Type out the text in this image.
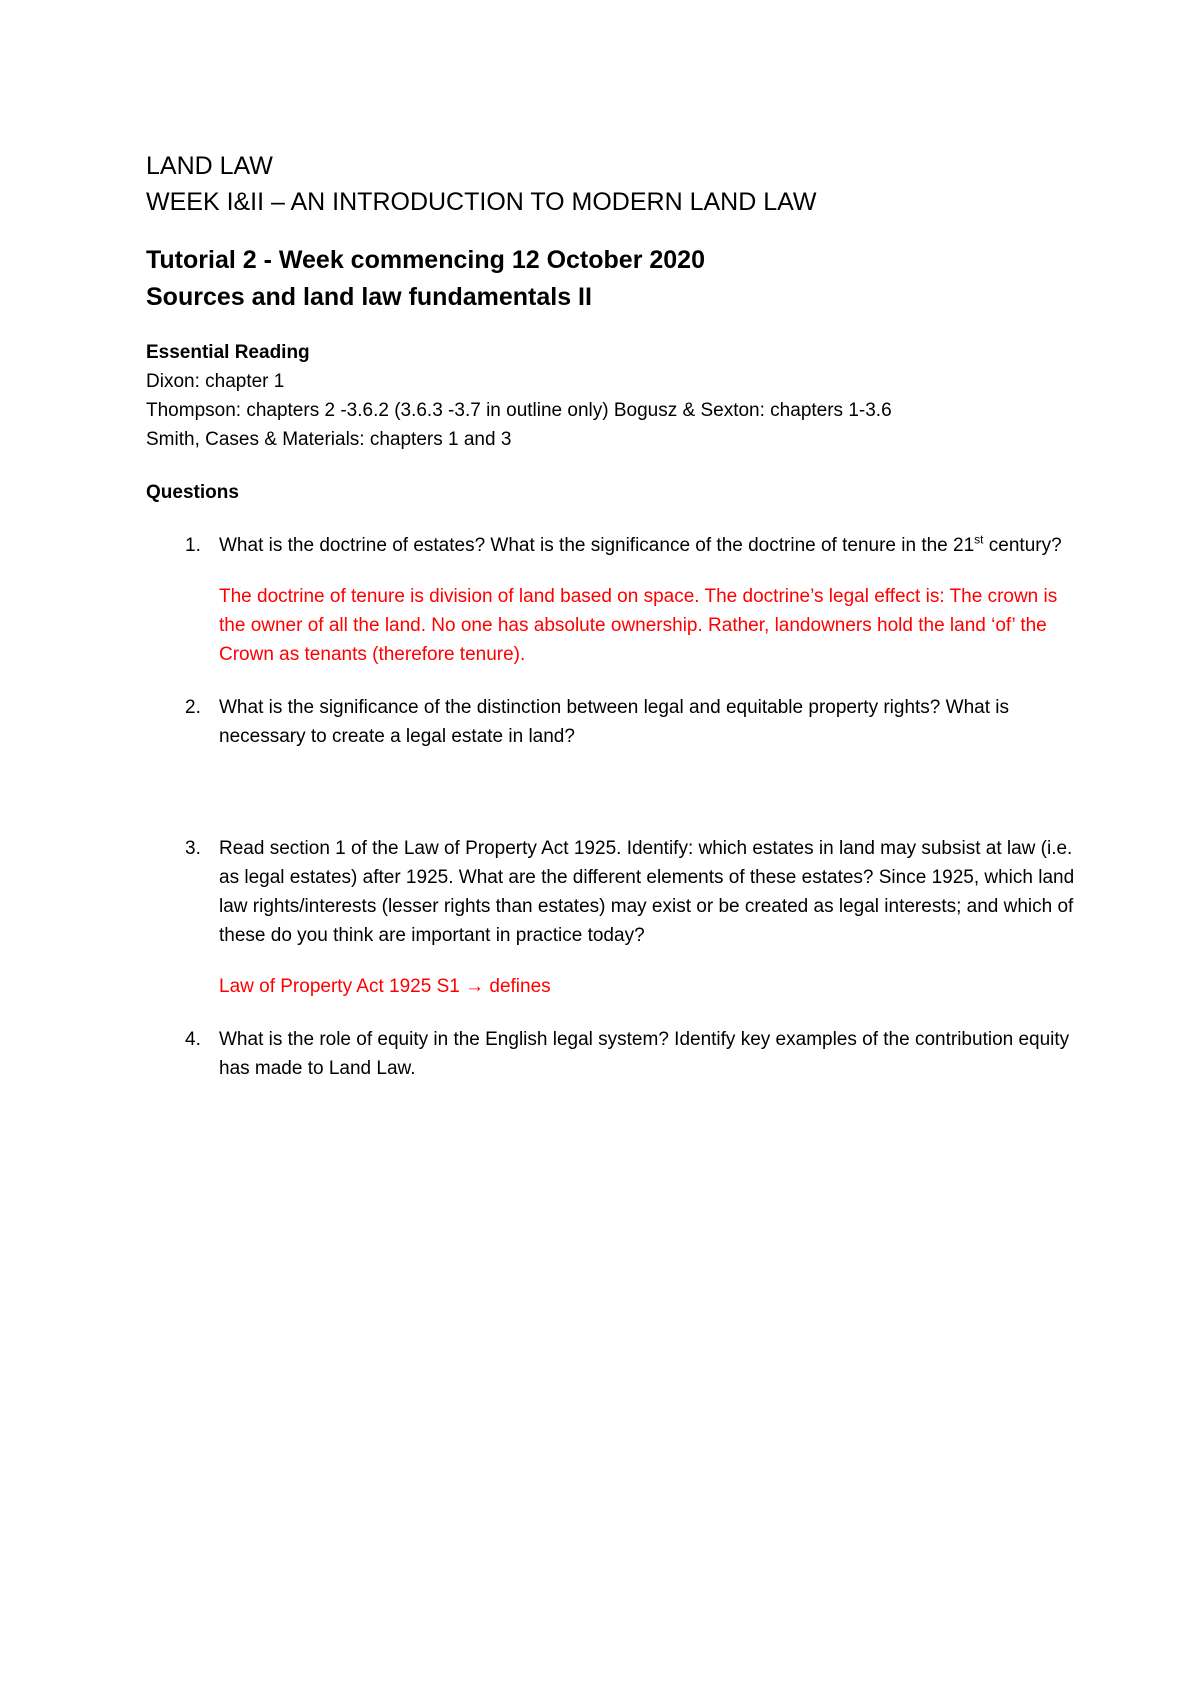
LAND LAW

WEEK I&II – AN INTRODUCTION TO MODERN LAND LAW

Tutorial 2 - Week commencing 12 October 2020

Sources and land law fundamentals II

Essential Reading

Dixon: chapter 1

Thompson: chapters 2 -3.6.2 (3.6.3 -3.7 in outline only) Bogusz & Sexton: chapters 1-3.6

Smith, Cases & Materials: chapters 1 and 3

Questions

1. What is the doctrine of estates? What is the significance of the doctrine of tenure in the 21st century?

The doctrine of tenure is division of land based on space. The doctrine’s legal effect is: The crown is the owner of all the land. No one has absolute ownership. Rather, landowners hold the land ‘of’ the Crown as tenants (therefore tenure).

2. What is the significance of the distinction between legal and equitable property rights? What is necessary to create a legal estate in land?

3. Read section 1 of the Law of Property Act 1925. Identify: which estates in land may subsist at law (i.e. as legal estates) after 1925. What are the different elements of these estates? Since 1925, which land law rights/interests (lesser rights than estates) may exist or be created as legal interests; and which of these do you think are important in practice today?

Law of Property Act 1925 S1 → defines

4. What is the role of equity in the English legal system? Identify key examples of the contribution equity has made to Land Law.
